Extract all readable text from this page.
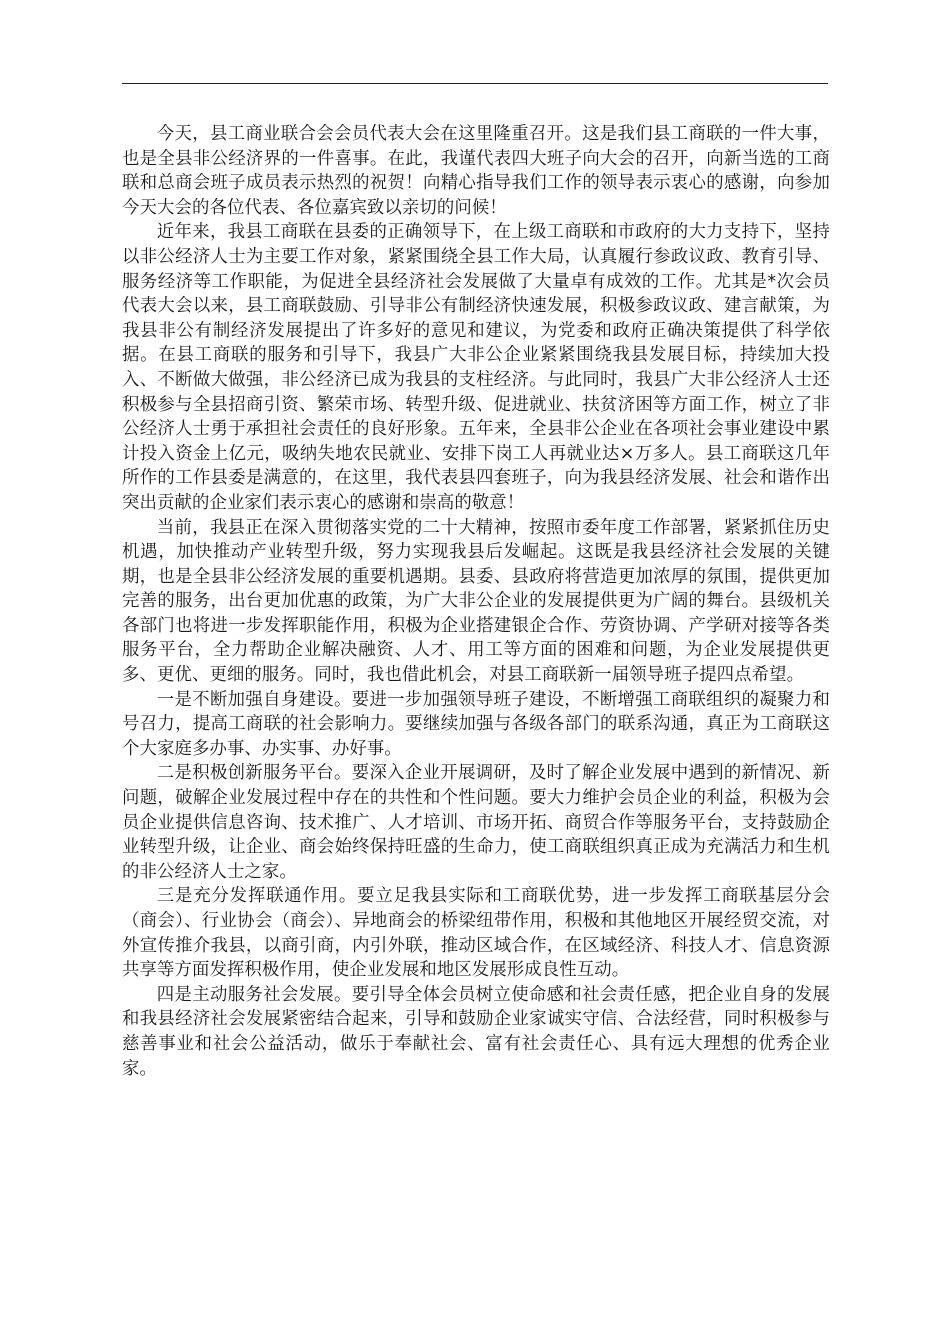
今天，县工商业联合会会员代表大会在这里隆重召开。这是我们县工商联的一件大事，也是全县非公经济界的一件喜事。在此，我谨代表四大班子向大会的召开，向新当选的工商联和总商会班子成员表示热烈的祝贺！向精心指导我们工作的领导表示衷心的感谢，向参加今天大会的各位代表、各位嘉宾致以亲切的问候！

近年来，我县工商联在县委的正确领导下，在上级工商联和市政府的大力支持下，坚持以非公经济人士为主要工作对象，紧紧围绕全县工作大局，认真履行参政议政、教育引导、服务经济等工作职能，为促进全县经济社会发展做了大量卓有成效的工作。尤其是*次会员代表大会以来，县工商联鼓励、引导非公有制经济快速发展，积极参政议政、建言献策，为我县非公有制经济发展提出了许多好的意见和建议，为党委和政府正确决策提供了科学依据。在县工商联的服务和引导下，我县广大非公企业紧紧围绕我县发展目标，持续加大投入、不断做大做强，非公经济已成为我县的支柱经济。与此同时，我县广大非公经济人士还积极参与全县招商引资、繁荣市场、转型升级、促进就业、扶贫济困等方面工作，树立了非公经济人士勇于承担社会责任的良好形象。五年来，全县非公企业在各项社会事业建设中累计投入资金上亿元，吸纳失地农民就业、安排下岗工人再就业达×万多人。县工商联这几年所作的工作县委是满意的，在这里，我代表县四套班子，向为我县经济发展、社会和谐作出突出贡献的企业家们表示衷心的感谢和崇高的敬意！

当前，我县正在深入贯彻落实党的二十大精神，按照市委年度工作部署，紧紧抓住历史机遇，加快推动产业转型升级，努力实现我县后发崛起。这既是我县经济社会发展的关键期，也是全县非公经济发展的重要机遇期。县委、县政府将营造更加浓厚的氛围，提供更加完善的服务，出台更加优惠的政策，为广大非公企业的发展提供更为广阔的舞台。县级机关各部门也将进一步发挥职能作用，积极为企业搭建银企合作、劳资协调、产学研对接等各类服务平台，全力帮助企业解决融资、人才、用工等方面的困难和问题，为企业发展提供更多、更优、更细的服务。同时，我也借此机会，对县工商联新一届领导班子提四点希望。

一是不断加强自身建设。要进一步加强领导班子建设，不断增强工商联组织的凝聚力和号召力，提高工商联的社会影响力。要继续加强与各级各部门的联系沟通，真正为工商联这个大家庭多办事、办实事、办好事。

二是积极创新服务平台。要深入企业开展调研，及时了解企业发展中遇到的新情况、新问题，破解企业发展过程中存在的共性和个性问题。要大力维护会员企业的利益，积极为会员企业提供信息咨询、技术推广、人才培训、市场开拓、商贸合作等服务平台，支持鼓励企业转型升级，让企业、商会始终保持旺盛的生命力，使工商联组织真正成为充满活力和生机的非公经济人士之家。

三是充分发挥联通作用。要立足我县实际和工商联优势，进一步发挥工商联基层分会（商会）、行业协会（商会）、异地商会的桥梁纽带作用，积极和其他地区开展经贸交流，对外宣传推介我县，以商引商，内引外联，推动区域合作，在区域经济、科技人才、信息资源共享等方面发挥积极作用，使企业发展和地区发展形成良性互动。

四是主动服务社会发展。要引导全体会员树立使命感和社会责任感，把企业自身的发展和我县经济社会发展紧密结合起来，引导和鼓励企业家诚实守信、合法经营，同时积极参与慈善事业和社会公益活动，做乐于奉献社会、富有社会责任心、具有远大理想的优秀企业家。
